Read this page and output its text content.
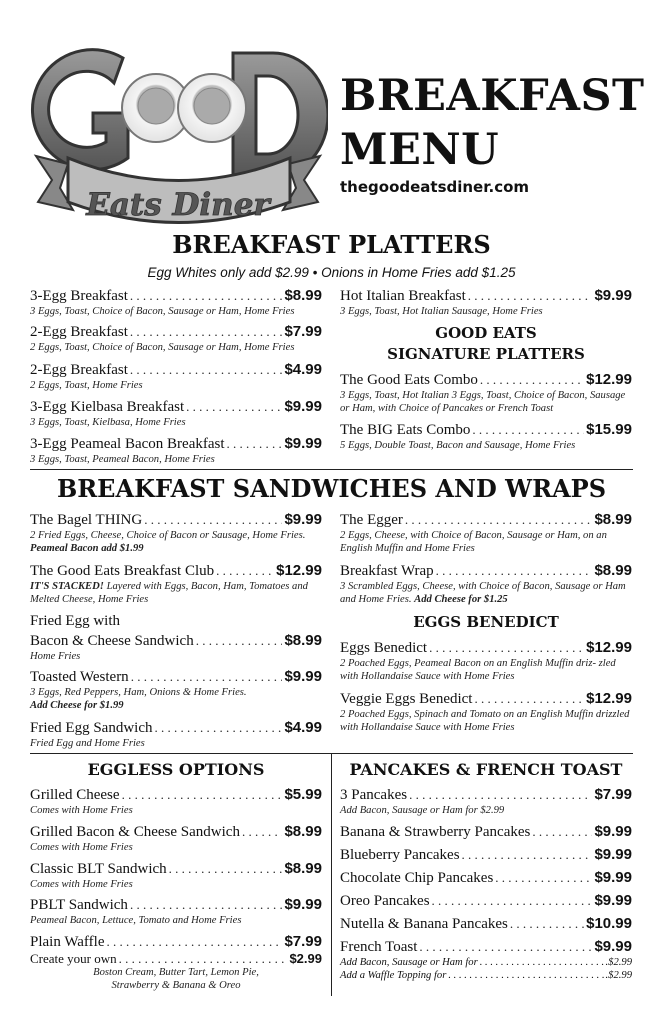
Eats Diner
BREAKFAST
MENU
thegoodeatsdiner.com
BREAKFAST PLATTERS
Egg Whites only add $2.99 • Onions in Home Fries add $1.25
3-Egg Breakfast . . .	$8.99
3 Eggs, Toast, Choice of Bacon, Sausage or Ham, Home Fries
2-Egg Breakfast . . .	$7.99
2 Eggs, Toast, Choice of Bacon, Sausage or Ham, Home Fries
2-Egg Breakfast . . .	$4.99
2 Eggs, Toast, Home Fries
3-Egg Kielbasa Breakfast . . .	$9.99
3 Eggs, Toast, Kielbasa, Home Fries
3-Egg Peameal Bacon Breakfast . . .	$9.99
3 Eggs, Toast, Peameal Bacon, Home Fries
Hot Italian Breakfast . . .	$9.99
3 Eggs, Toast, Hot Italian Sausage, Home Fries
GOOD EATS
SIGNATURE PLATTERS
The Good Eats Combo . . .	$12.99
3 Eggs, Toast, Hot Italian 3 Eggs, Toast, Choice of Bacon, Sausage or Ham, with Choice of Pancakes or French Toast
The BIG Eats Combo . . .	$15.99
5 Eggs, Double Toast, Bacon and Sausage, Home Fries
BREAKFAST SANDWICHES AND WRAPS
The Bagel THING . . .	$9.99
2 Fried Eggs, Cheese, Choice of Bacon or Sausage, Home Fries. Peameal Bacon add $1.99
The Good Eats Breakfast Club . . .	$12.99
IT'S STACKED! Layered with Eggs, Bacon, Ham, Tomatoes and Melted Cheese, Home Fries
Fried Egg with
Bacon & Cheese Sandwich . . .	$8.99
Home Fries
Toasted Western . . .	$9.99
3 Eggs, Red Peppers, Ham, Onions & Home Fries.
Add Cheese for $1.99
Fried Egg Sandwich . . .	$4.99
Fried Egg and Home Fries
The Egger . . .	$8.99
2 Eggs, Cheese, with Choice of Bacon, Sausage or Ham, on an English Muffin and Home Fries
Breakfast Wrap . . .	$8.99
3 Scrambled Eggs, Cheese, with Choice of Bacon, Sausage or Ham and Home Fries. Add Cheese for $1.25
EGGS BENEDICT
Eggs Benedict . . .	$12.99
2 Poached Eggs, Peameal Bacon on an English Muffin driz- zled with Hollandaise Sauce with Home Fries
Veggie Eggs Benedict . . .	$12.99
2 Poached Eggs, Spinach and Tomato on an English Muffin drizzled with Hollandaise Sauce with Home Fries
EGGLESS OPTIONS
Grilled Cheese . . .	$5.99
Comes with Home Fries
Grilled Bacon & Cheese Sandwich . . .	$8.99
Comes with Home Fries
Classic BLT Sandwich . . .	$8.99
Comes with Home Fries
PBLT Sandwich . . .	$9.99
Peameal Bacon, Lettuce, Tomato and Home Fries
Plain Waffle . . .	$7.99
Create your own . . .	$2.99
Boston Cream, Butter Tart, Lemon Pie, Strawberry & Banana & Oreo
PANCAKES & FRENCH TOAST
3 Pancakes . . .	$7.99
Add Bacon, Sausage or Ham for $2.99
Banana & Strawberry Pancakes . . .	$9.99
Blueberry Pancakes . . .	$9.99
Chocolate Chip Pancakes . . .	$9.99
Oreo Pancakes . . .	$9.99
Nutella & Banana Pancakes . . .	$10.99
French Toast . . .	$9.99
Add Bacon, Sausage or Ham for . . .	.$2.99
Add a Waffle Topping for . . .	.$2.99
